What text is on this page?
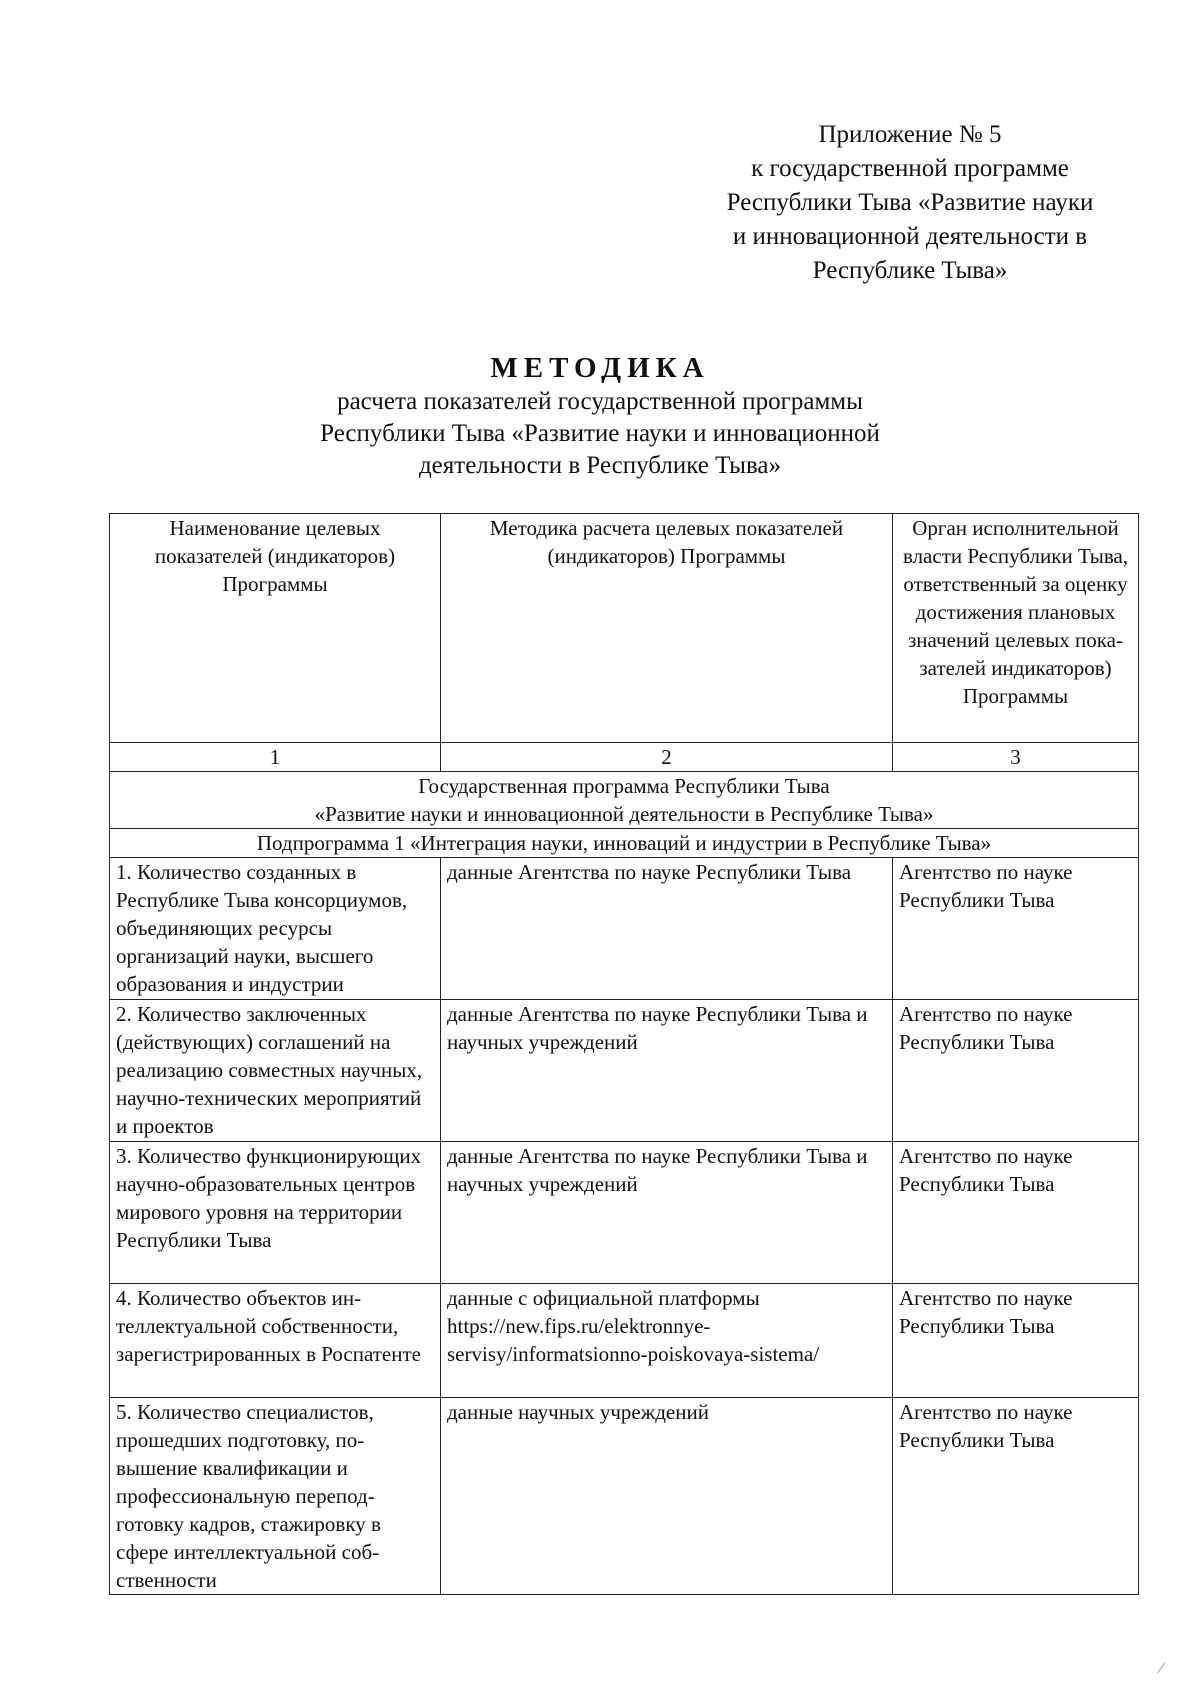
Приложение № 5
к государственной программе
Республики Тыва «Развитие науки
и инновационной деятельности в
Республике Тыва»
МЕТОДИКА
расчета показателей государственной программы
Республики Тыва «Развитие науки и инновационной
деятельности в Республике Тыва»
Наименование целевых показателей (индикаторов) Программы	Методика расчета целевых показателей (индикаторов) Программы	Орган исполнительной власти Республики Тыва, ответственный за оценку достижения плановых значений целевых показателей индикаторов) Программы
1	2	3

Государственная программа Республики Тыва
«Развитие науки и инновационной деятельности в Республике Тыва»		

Подпрограмма 1 «Интеграция науки, инноваций и индустрии в Республике Тыва»		
1. Количество созданных в Республике Тыва консорциумов, объединяющих ресурсы организаций науки, высшего образования и индустрии	данные Агентства по науке Республики Тыва	Агентство по науке Республики Тыва
2. Количество заключенных (действующих) соглашений на реализацию совместных научных, научно-технических мероприятий и проектов	данные Агентства по науке Республики Тыва и научных учреждений	Агентство по науке Республики Тыва
3. Количество функционирующих научно-образовательных центров мирового уровня на территории Республики Тыва	данные Агентства по науке Республики Тыва и научных учреждений	Агентство по науке Республики Тыва
4. Количество объектов интеллектуальной собственности, зарегистрированных в Роспатенте	данные с официальной платформы
https://new.fips.ru/elektronnye-
servisy/informatsionno-poiskovaya-sistema/	Агентство по науке Республики Тыва
5. Количество специалистов, прошедших подготовку, повышение квалификации и профессиональную переподготовку кадров, стажировку в сфере интеллектуальной собственности	данные научных учреждений	Агентство по науке Республики Тыва
⁄
